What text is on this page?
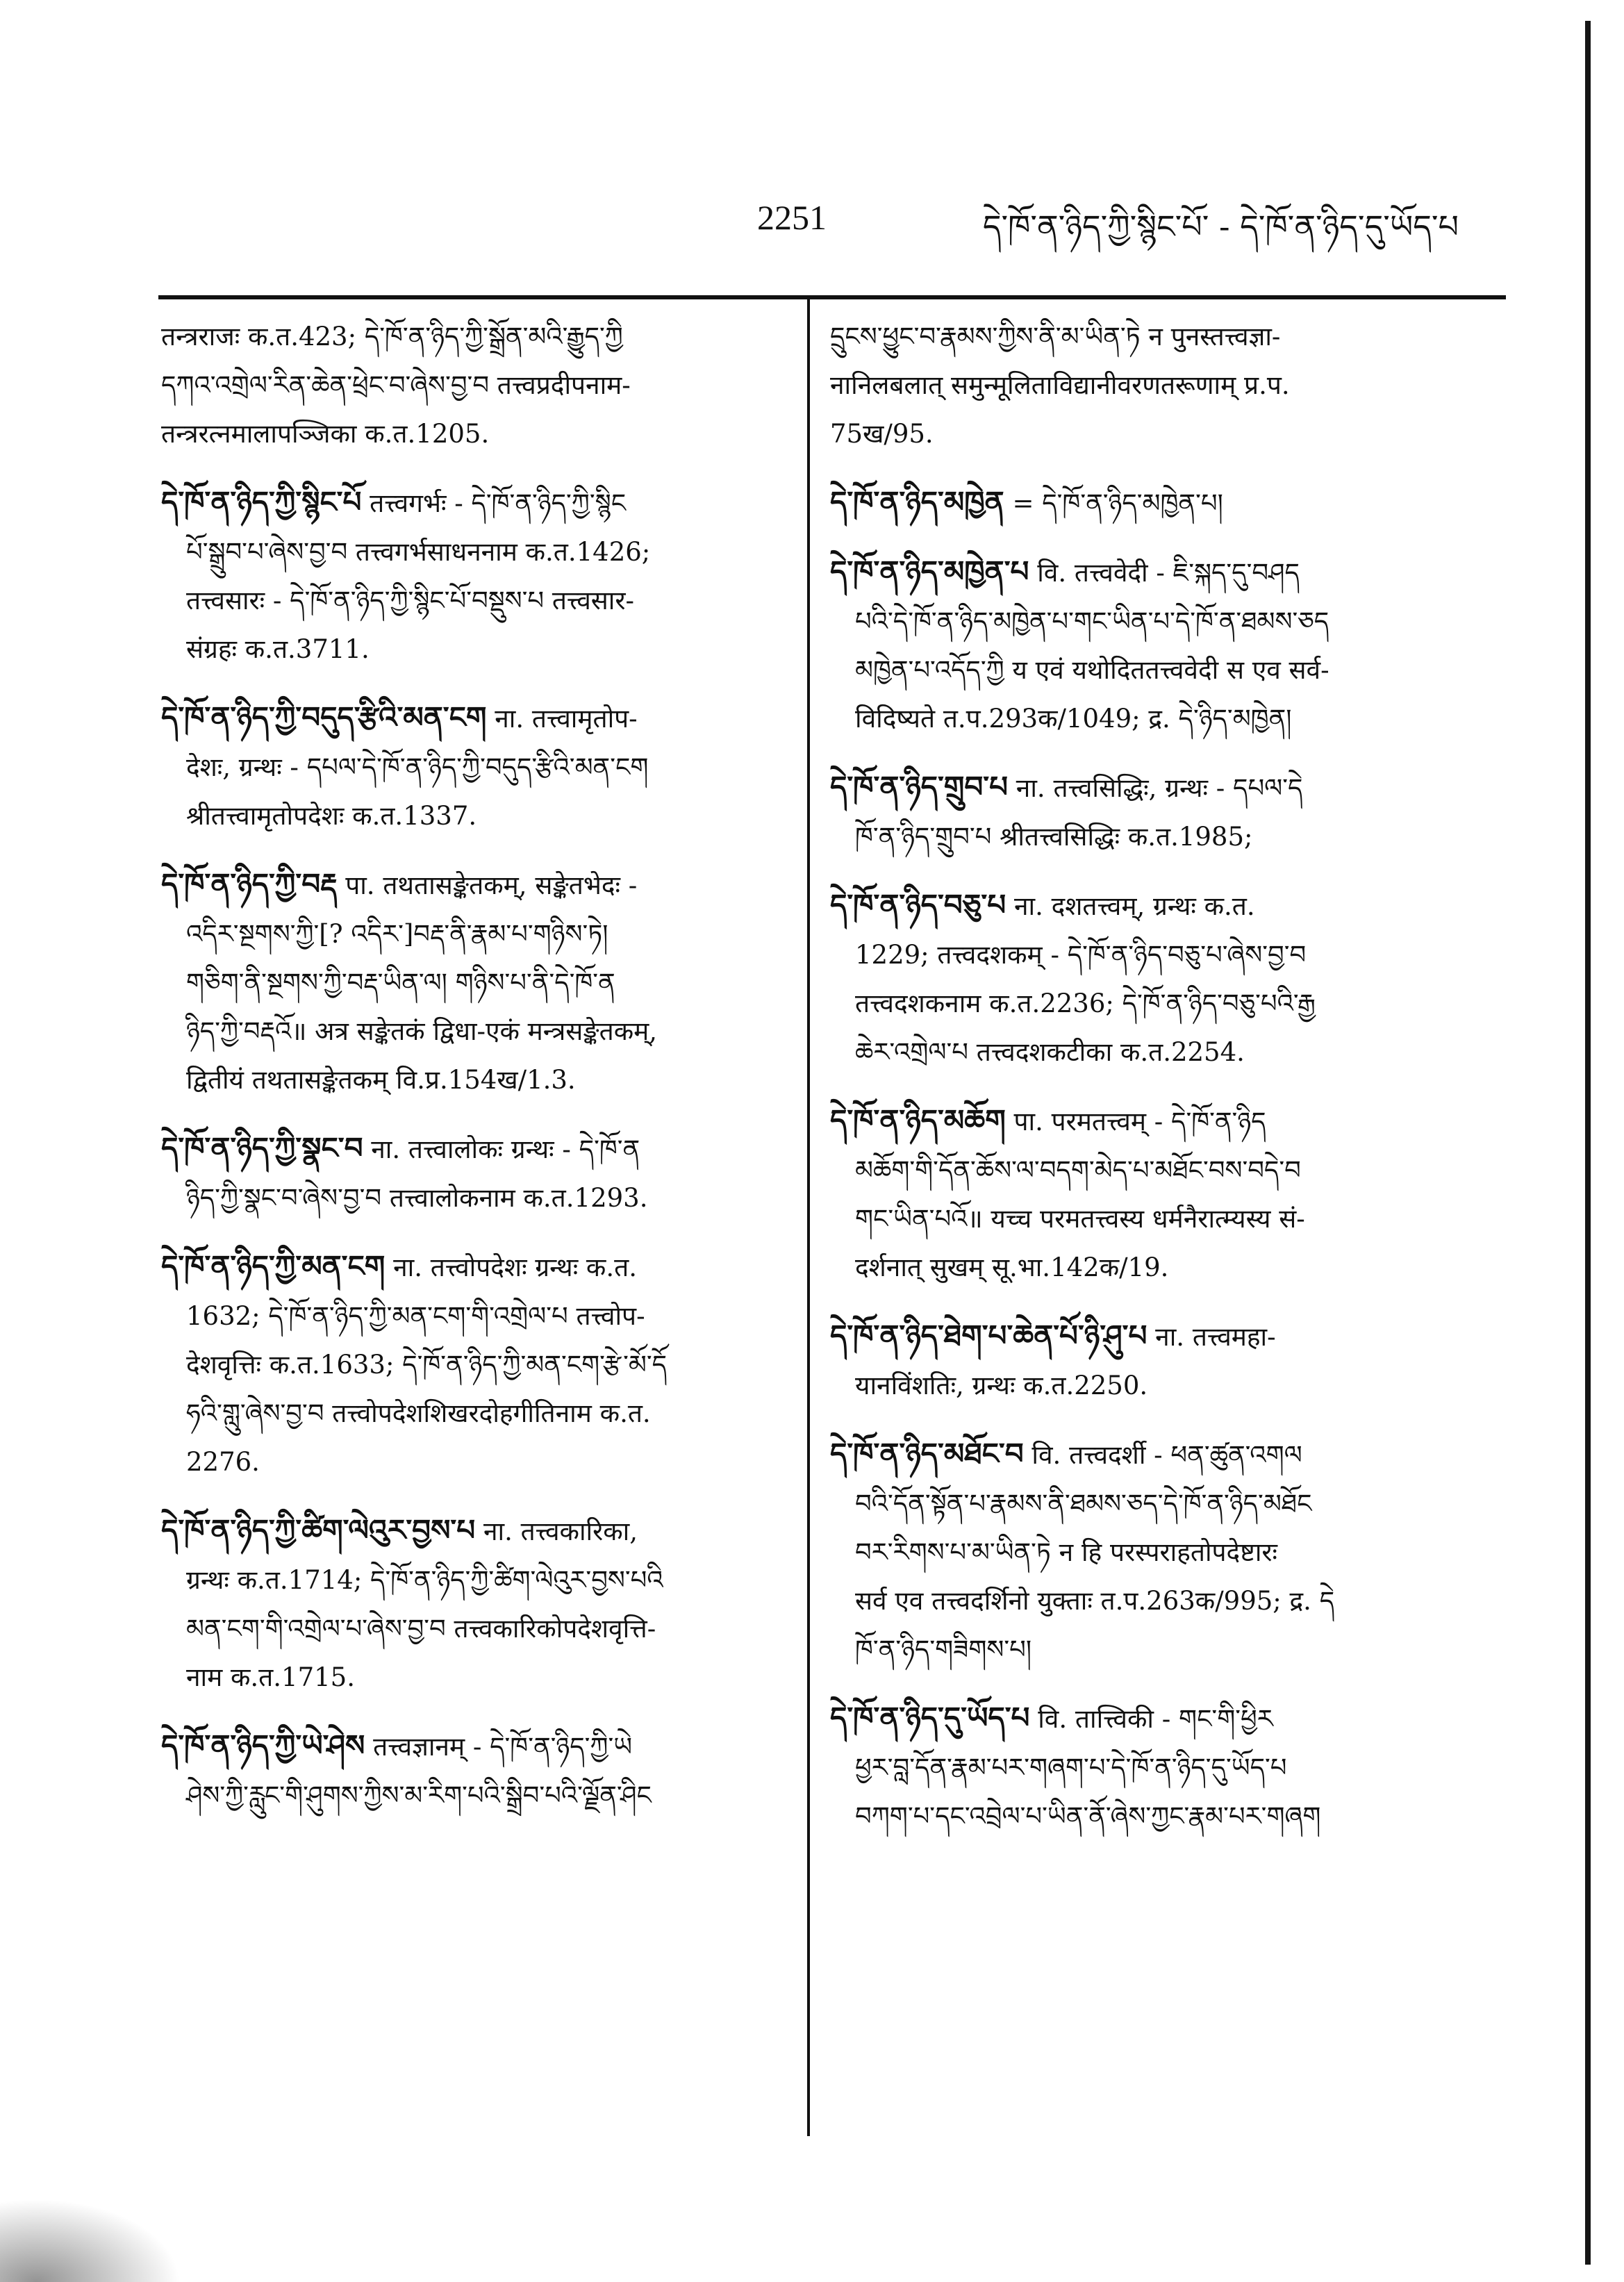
2251	དེ་ཁོ་ན་ཉིད་ཀྱི་སྙིང་པོ་ - དེ་ཁོ་ན་ཉིད་དུ་ཡོད་པ
तन्त्रराजः क.त.423; དེ་ཁོ་ན་ཉིད་ཀྱི་སྒྲོན་མའི་རྒྱུད་ཀྱི
དཀའ་འགྲེལ་རིན་ཆེན་ཕྲེང་བ་ཞེས་བྱ་བ तत्त्वप्रदीपनाम-
तन्त्ररत्नमालापञ्जिका क.त.1205.
དེ་ཁོ་ན་ཉིད་ཀྱི་སྙིང་པོ तत्त्वगर्भः - དེ་ཁོ་ན་ཉིད་ཀྱི་སྙིང
པོ་སྒྲུབ་པ་ཞེས་བྱ་བ तत्त्वगर्भसाधननाम क.त.1426;
तत्त्वसारः - དེ་ཁོ་ན་ཉིད་ཀྱི་སྙིང་པོ་བསྡུས་པ तत्त्वसार-
संग्रहः क.त.3711.
དེ་ཁོ་ན་ཉིད་ཀྱི་བདུད་རྩིའི་མན་ངག ना. तत्त्वामृतोप-
देशः, ग्रन्थः - དཔལ་དེ་ཁོ་ན་ཉིད་ཀྱི་བདུད་རྩིའི་མན་ངག
श्रीतत्त्वामृतोपदेशः क.त.1337.
དེ་ཁོ་ན་ཉིད་ཀྱི་བརྡ पा. तथतासङ्केतकम्, सङ्केतभेदः -
འདིར་སྔགས་ཀྱི་[? འདིར་]བརྡ་ནི་རྣམ་པ་གཉིས་ཏེ།
གཅིག་ནི་སྔགས་ཀྱི་བརྡ་ཡིན་ལ། གཉིས་པ་ནི་དེ་ཁོ་ན
ཉིད་ཀྱི་བརྡའོ॥ अत्र सङ्केतकं द्विधा-एकं मन्त्रसङ्केतकम्,
द्वितीयं तथतासङ्केतकम् वि.प्र.154ख/1.3.
དེ་ཁོ་ན་ཉིད་ཀྱི་སྣང་བ ना. तत्त्वालोकः ग्रन्थः - དེ་ཁོ་ན
ཉིད་ཀྱི་སྣང་བ་ཞེས་བྱ་བ तत्त्वालोकनाम क.त.1293.
དེ་ཁོ་ན་ཉིད་ཀྱི་མན་ངག ना. तत्त्वोपदेशः ग्रन्थः क.त.
1632; དེ་ཁོ་ན་ཉིད་ཀྱི་མན་ངག་གི་འགྲེལ་པ तत्त्वोप-
देशवृत्तिः क.त.1633; དེ་ཁོ་ན་ཉིད་ཀྱི་མན་ངག་རྩེ་མོ་དོ
ཧའི་གླུ་ཞེས་བྱ་བ तत्त्वोपदेशशिखरदोहगीतिनाम क.त.
2276.
དེ་ཁོ་ན་ཉིད་ཀྱི་ཚིག་ལེའུར་བྱས་པ ना. तत्त्वकारिका,
ग्रन्थः क.त.1714; དེ་ཁོ་ན་ཉིད་ཀྱི་ཚིག་ལེའུར་བྱས་པའི
མན་ངག་གི་འགྲེལ་པ་ཞེས་བྱ་བ तत्त्वकारिकोपदेशवृत्ति-
नाम क.त.1715.
དེ་ཁོ་ན་ཉིད་ཀྱི་ཡེ་ཤེས तत्त्वज्ञानम् - དེ་ཁོ་ན་ཉིད་ཀྱི་ཡེ
ཤེས་ཀྱི་རླུང་གི་ཤུགས་ཀྱིས་མ་རིག་པའི་སྒྲིབ་པའི་ལྗོན་ཤིང
དྲུངས་ཕྱུང་བ་རྣམས་ཀྱིས་ནི་མ་ཡིན་ཏེ न पुनस्तत्त्वज्ञा-
नानिलबलात् समुन्मूलिताविद्यानीवरणतरूणाम् प्र.प.
75ख/95.
དེ་ཁོ་ན་ཉིད་མཁྱེན = དེ་ཁོ་ན་ཉིད་མཁྱེན་པ།
དེ་ཁོ་ན་ཉིད་མཁྱེན་པ वि. तत्त्ववेदी - ཇི་སྐད་དུ་བཤད
པའི་དེ་ཁོ་ན་ཉིད་མཁྱེན་པ་གང་ཡིན་པ་དེ་ཁོ་ན་ཐམས་ཅད
མཁྱེན་པ་འདོད་ཀྱི य एवं यथोदिततत्त्ववेदी स एव सर्व-
विदिष्यते त.प.293क/1049; द्र. དེ་ཉིད་མཁྱེན།
དེ་ཁོ་ན་ཉིད་གྲུབ་པ ना. तत्त्वसिद्धिः, ग्रन्थः - དཔལ་དེ
ཁོ་ན་ཉིད་གྲུབ་པ श्रीतत्त्वसिद्धिः क.त.1985;
དེ་ཁོ་ན་ཉིད་བཅུ་པ ना. दशतत्त्वम्, ग्रन्थः क.त.
1229; तत्त्वदशकम् - དེ་ཁོ་ན་ཉིད་བཅུ་པ་ཞེས་བྱ་བ
तत्त्वदशकनाम क.त.2236; དེ་ཁོ་ན་ཉིད་བཅུ་པའི་རྒྱ
ཆེར་འགྲེལ་པ तत्त्वदशकटीका क.त.2254.
དེ་ཁོ་ན་ཉིད་མཆོག पा. परमतत्त्वम् - དེ་ཁོ་ན་ཉིད
མཆོག་གི་དོན་ཆོས་ལ་བདག་མེད་པ་མཐོང་བས་བདེ་བ
གང་ཡིན་པའོ॥ यच्च परमतत्त्वस्य धर्मनैरात्म्यस्य सं-
दर्शनात् सुखम् सू.भा.142क/19.
དེ་ཁོ་ན་ཉིད་ཐེག་པ་ཆེན་པོ་ཉི་ཤུ་པ ना. तत्त्वमहा-
यानविंशतिः, ग्रन्थः क.त.2250.
དེ་ཁོ་ན་ཉིད་མཐོང་བ वि. तत्त्वदर्शी - ཕན་ཚུན་འགལ
བའི་དོན་སྟོན་པ་རྣམས་ནི་ཐམས་ཅད་དེ་ཁོ་ན་ཉིད་མཐོང
བར་རིགས་པ་མ་ཡིན་ཏེ न हि परस्पराहतोपदेष्टारः
सर्व एव तत्त्वदर्शिनो युक्ताः त.प.263क/995; द्र. དེ
ཁོ་ན་ཉིད་གཟིགས་པ།
དེ་ཁོ་ན་ཉིད་དུ་ཡོད་པ वि. तात्त्विकी - གང་གི་ཕྱིར
ཕྱར་བླ་དོན་རྣམ་པར་གཞག་པ་དེ་ཁོ་ན་ཉིད་དུ་ཡོད་པ
བཀག་པ་དང་འབྲེལ་པ་ཡིན་ནོ་ཞེས་ཀྱང་རྣམ་པར་གཞག
